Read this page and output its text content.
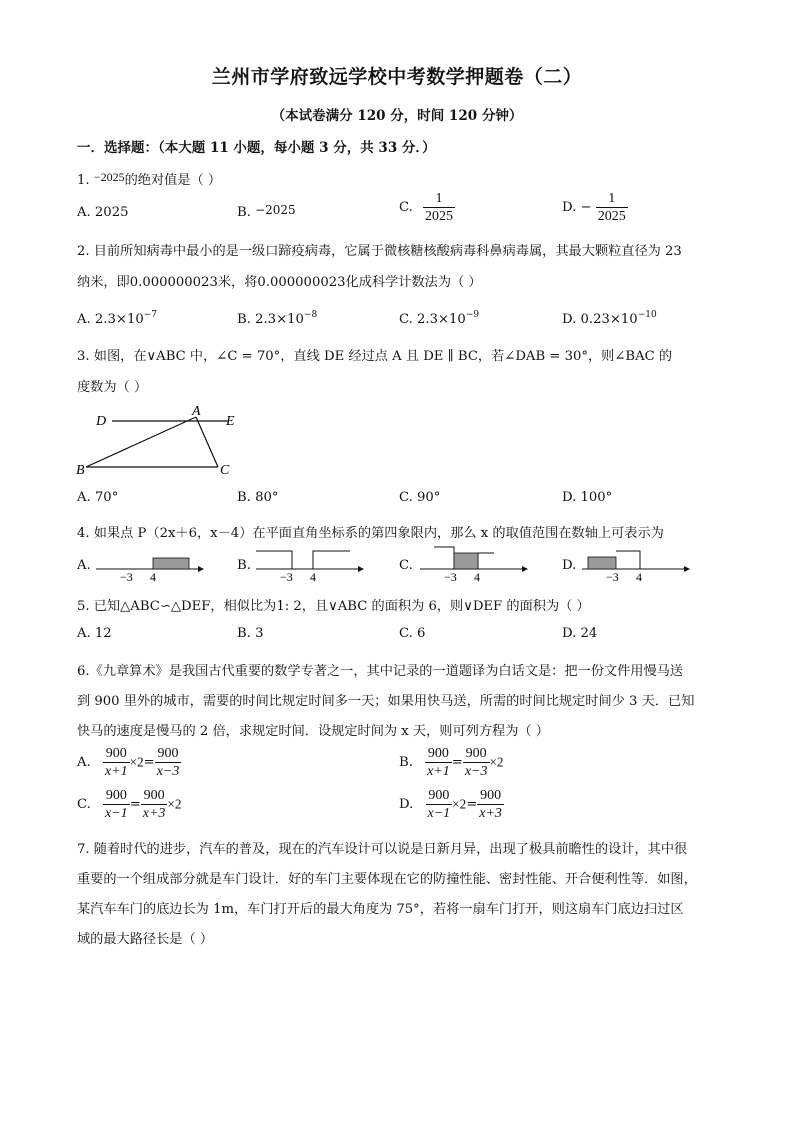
兰州市学府致远学校中考数学押题卷（二）
（本试卷满分 120 分，时间 120 分钟）
一．选择题：（本大题 11 小题，每小题 3 分，共 33 分．）
1. −2025的绝对值是（ ）
A. 2025	B. −2025	C. $\frac{1}{2025}$	D. − $\frac{1}{2025}$
2. 目前所知病毒中最小的是一级口蹄疫病毒，它属于微核糖核酸病毒科鼻病毒属，其最大颗粒直径为 23
纳米，即0.000000023米，将0.000000023化成科学计数法为（ ）
A. $2.3\times 10^{-7}$	B. $2.3\times 10^{-8}$	C. $2.3\times 10^{-9}$	D. $0.23\times 10^{-10}$
3. 如图，在∨ABC 中，∠C = 70°，直线 DE 经过点 A 且 DE ∥ BC，若∠DAB = 30°，则∠BAC 的
度数为（ ）
D
A
E
B	C
A. 70°	B. 80°	C. 90°	D. 100°
4. 如果点 P（2x＋6，x－4）在平面直角坐标系的第四象限内，那么 x 的取值范围在数轴上可表示为
A.
−3 4
B.
−3 4
C.
−3 4
D.
−3 4
5. 已知△ABC∽△DEF，相似比为1: 2，且∨ABC 的面积为 6，则∨DEF 的面积为（ ）
A. 12	B. 3	C. 6	D. 24
6.《九章算术》是我国古代重要的数学专著之一，其中记录的一道题译为白话文是：把一份文件用慢马送
到 900 里外的城市，需要的时间比规定时间多一天；如果用快马送，所需的时间比规定时间少 3 天．已知
快马的速度是慢马的 2 倍，求规定时间．设规定时间为 x 天，则可列方程为（ ）
A. $\frac{900}{x+1} \times 2= \frac{900}{x-3}$	B. $\frac{900}{x+1} = \frac{900}{x-3} \times 2$
C. $\frac{900}{x-1} = \frac{900}{x+3} \times 2$	D. $\frac{900}{x-1} \times 2= \frac{900}{x+3}$
7. 随着时代的进步，汽车的普及，现在的汽车设计可以说是日新月异，出现了极具前瞻性的设计，其中很
重要的一个组成部分就是车门设计．好的车门主要体现在它的防撞性能、密封性能、开合便利性等．如图，
某汽车车门的底边长为 1m，车门打开后的最大角度为 75°，若将一扇车门打开，则这扇车门底边扫过区
域的最大路径长是（ ）
